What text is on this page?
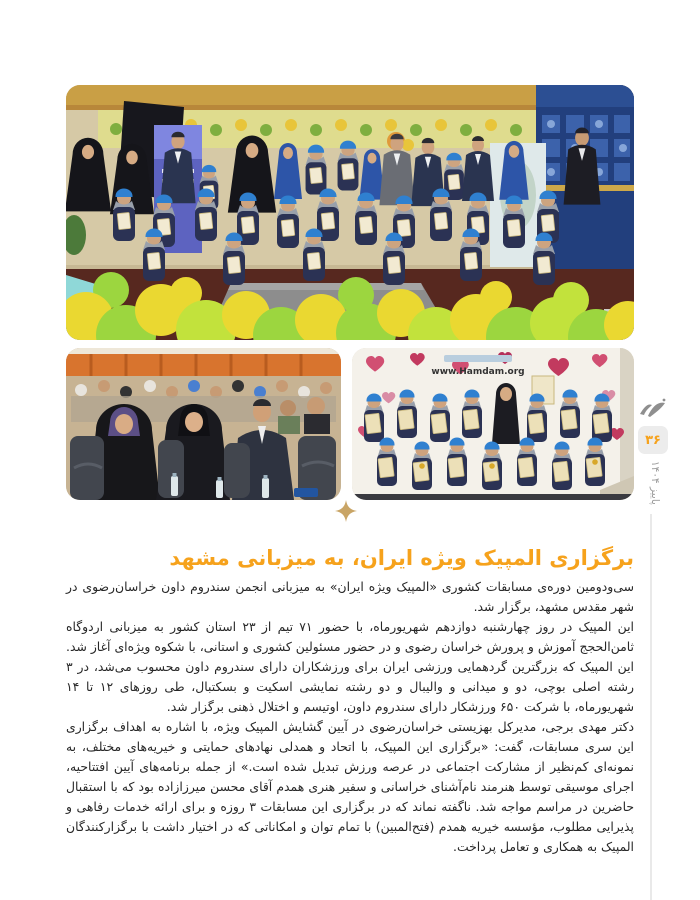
www.Hamdam.org
برگزاری المپیک ویژه ایران، به میزبانی مشهد

سی‌ودومین دوره‌ی مسابقات کشوری «المپیک ویژه ایران» به میزبانی انجمن سندروم داون خراسان‌رضوی در شهر مقدس مشهد، برگزار شد.

این المپیک در روز چهارشنبه دوازدهم شهریورماه، با حضور ۷۱ تیم از ۲۳ استان کشور به میزبانی اردوگاه ثامن‌الحجج آموزش و پرورش خراسان رضوی و در حضور مسئولین کشوری و استانی، با شکوه ویژه‌ای آغاز شد. این المپیک که بزرگترین گردهمایی ورزشی ایران برای ورزشکاران دارای سندروم داون محسوب می‌شد، در ۳ رشته اصلی بوچی، دو و میدانی و والیبال و دو رشته نمایشی اسکیت و بسکتبال، طی روزهای ۱۲ تا ۱۴ شهریورماه، با شرکت ۶۵۰ ورزشکار دارای سندروم داون، اوتیسم و اختلال ذهنی برگزار شد.

دکتر مهدی برجی، مدیرکل بهزیستی خراسان‌رضوی در آیین گشایش المپیک ویژه، با اشاره به اهداف برگزاری این سری مسابقات، گفت: «برگزاری این المپیک، با اتحاد و همدلی نهادهای حمایتی و خیریه‌های مختلف، به نمونه‌ای کم‌نظیر از مشارکت اجتماعی در عرصه ورزش تبدیل شده است.» از جمله برنامه‌های آیین افتتاحیه، اجرای موسیقی توسط هنرمند نام‌آشنای خراسانی و سفیر هنری همدم آقای محسن میرزازاده بود که با استقبال حاضرین در مراسم مواجه شد. ناگفته نماند که در برگزاری این مسابقات ۳ روزه و برای ارائه خدمات رفاهی و پذیرایی مطلوب، مؤسسه خیریه همدم (فتح‌المبین) با تمام توان و امکاناتی که در اختیار داشت با برگزارکنندگان المپیک به همکاری و تعامل پرداخت.

۳۶
پاییز ۱۴۰۴
